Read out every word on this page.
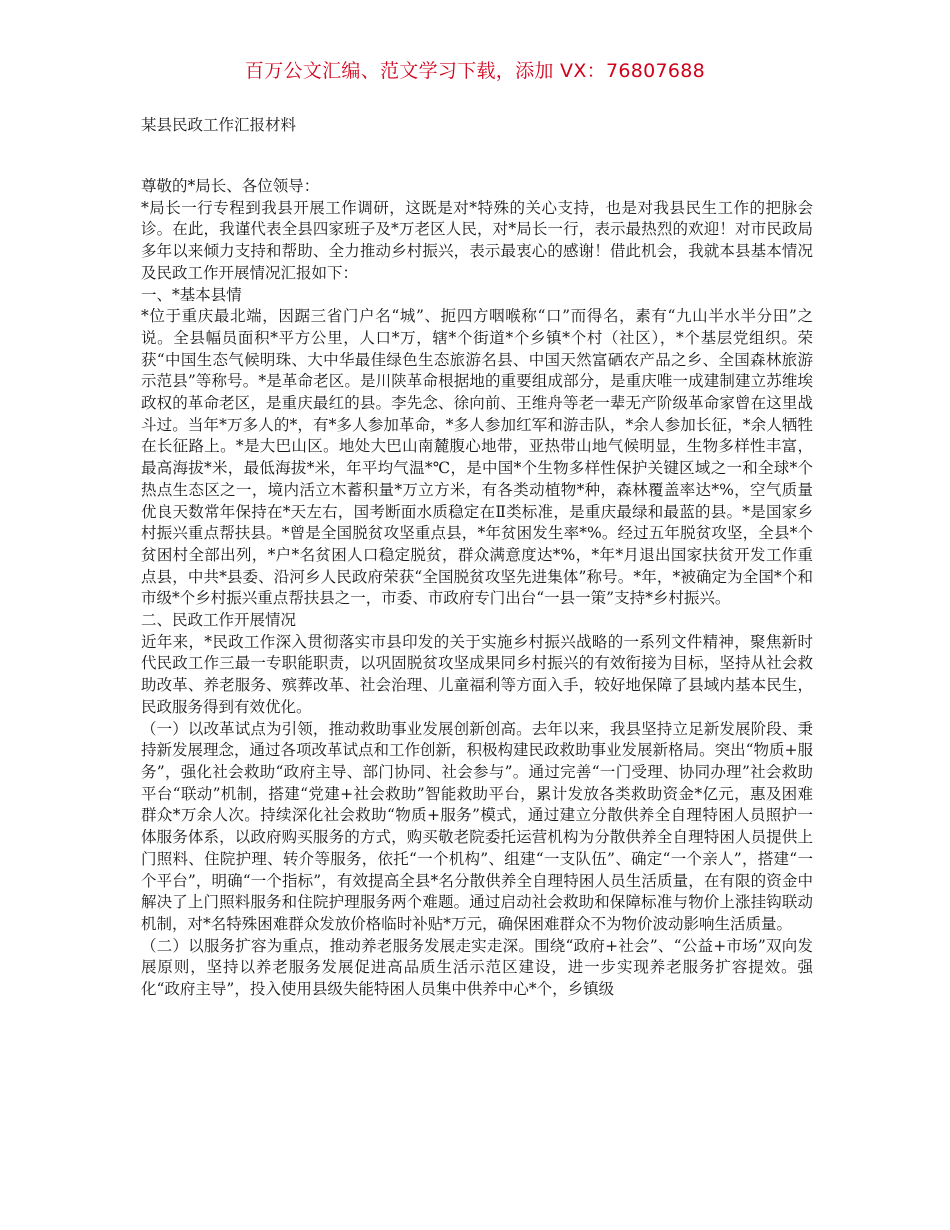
百万公文汇编、范文学习下载，添加 VX：76807688
某县民政工作汇报材料

尊敬的*局长、各位领导：

*局长一行专程到我县开展工作调研，这既是对*特殊的关心支持，也是对我县民生工作的把脉会诊。在此，我谨代表全县四家班子及*万老区人民，对*局长一行，表示最热烈的欢迎！对市民政局多年以来倾力支持和帮助、全力推动乡村振兴，表示最衷心的感谢！借此机会，我就本县基本情况及民政工作开展情况汇报如下：

一、*基本县情

*位于重庆最北端，因踞三省门户名“城”、扼四方咽喉称“口”而得名，素有“九山半水半分田”之说。全县幅员面积*平方公里，人口*万，辖*个街道*个乡镇*个村（社区），*个基层党组织。荣获“中国生态气候明珠、大中华最佳绿色生态旅游名县、中国天然富硒农产品之乡、全国森林旅游示范县”等称号。*是革命老区。是川陕革命根据地的重要组成部分，是重庆唯一成建制建立苏维埃政权的革命老区，是重庆最红的县。李先念、徐向前、王维舟等老一辈无产阶级革命家曾在这里战斗过。当年*万多人的*，有*多人参加革命，*多人参加红军和游击队，*余人参加长征，*余人牺牲在长征路上。*是大巴山区。地处大巴山南麓腹心地带，亚热带山地气候明显，生物多样性丰富，最高海拔*米，最低海拔*米，年平均气温*℃，是中国*个生物多样性保护关键区域之一和全球*个热点生态区之一，境内活立木蓄积量*万立方米，有各类动植物*种，森林覆盖率达*%，空气质量优良天数常年保持在*天左右，国考断面水质稳定在Ⅱ类标准，是重庆最绿和最蓝的县。*是国家乡村振兴重点帮扶县。*曾是全国脱贫攻坚重点县，*年贫困发生率*%。经过五年脱贫攻坚，全县*个贫困村全部出列，*户*名贫困人口稳定脱贫，群众满意度达*%，*年*月退出国家扶贫开发工作重点县，中共*县委、沿河乡人民政府荣获“全国脱贫攻坚先进集体”称号。*年，*被确定为全国*个和市级*个乡村振兴重点帮扶县之一，市委、市政府专门出台“一县一策”支持*乡村振兴。

二、民政工作开展情况

近年来，*民政工作深入贯彻落实市县印发的关于实施乡村振兴战略的一系列文件精神，聚焦新时代民政工作三最一专职能职责，以巩固脱贫攻坚成果同乡村振兴的有效衔接为目标，坚持从社会救助改革、养老服务、殡葬改革、社会治理、儿童福利等方面入手，较好地保障了县域内基本民生，民政服务得到有效优化。

（一）以改革试点为引领，推动救助事业发展创新创高。去年以来，我县坚持立足新发展阶段、秉持新发展理念，通过各项改革试点和工作创新，积极构建民政救助事业发展新格局。突出“物质+服务”，强化社会救助“政府主导、部门协同、社会参与”。通过完善“一门受理、协同办理”社会救助平台“联动”机制，搭建“党建+社会救助”智能救助平台，累计发放各类救助资金*亿元，惠及困难群众*万余人次。持续深化社会救助“物质+服务”模式，通过建立分散供养全自理特困人员照护一体服务体系，以政府购买服务的方式，购买敬老院委托运营机构为分散供养全自理特困人员提供上门照料、住院护理、转介等服务，依托“一个机构”、组建“一支队伍”、确定“一个亲人”，搭建“一个平台”，明确“一个指标”，有效提高全县*名分散供养全自理特困人员生活质量，在有限的资金中解决了上门照料服务和住院护理服务两个难题。通过启动社会救助和保障标准与物价上涨挂钩联动机制，对*名特殊困难群众发放价格临时补贴*万元，确保困难群众不为物价波动影响生活质量。

（二）以服务扩容为重点，推动养老服务发展走实走深。围绕“政府+社会”、“公益+市场”双向发展原则，坚持以养老服务发展促进高品质生活示范区建设，进一步实现养老服务扩容提效。强化“政府主导”，投入使用县级失能特困人员集中供养中心*个，乡镇级
